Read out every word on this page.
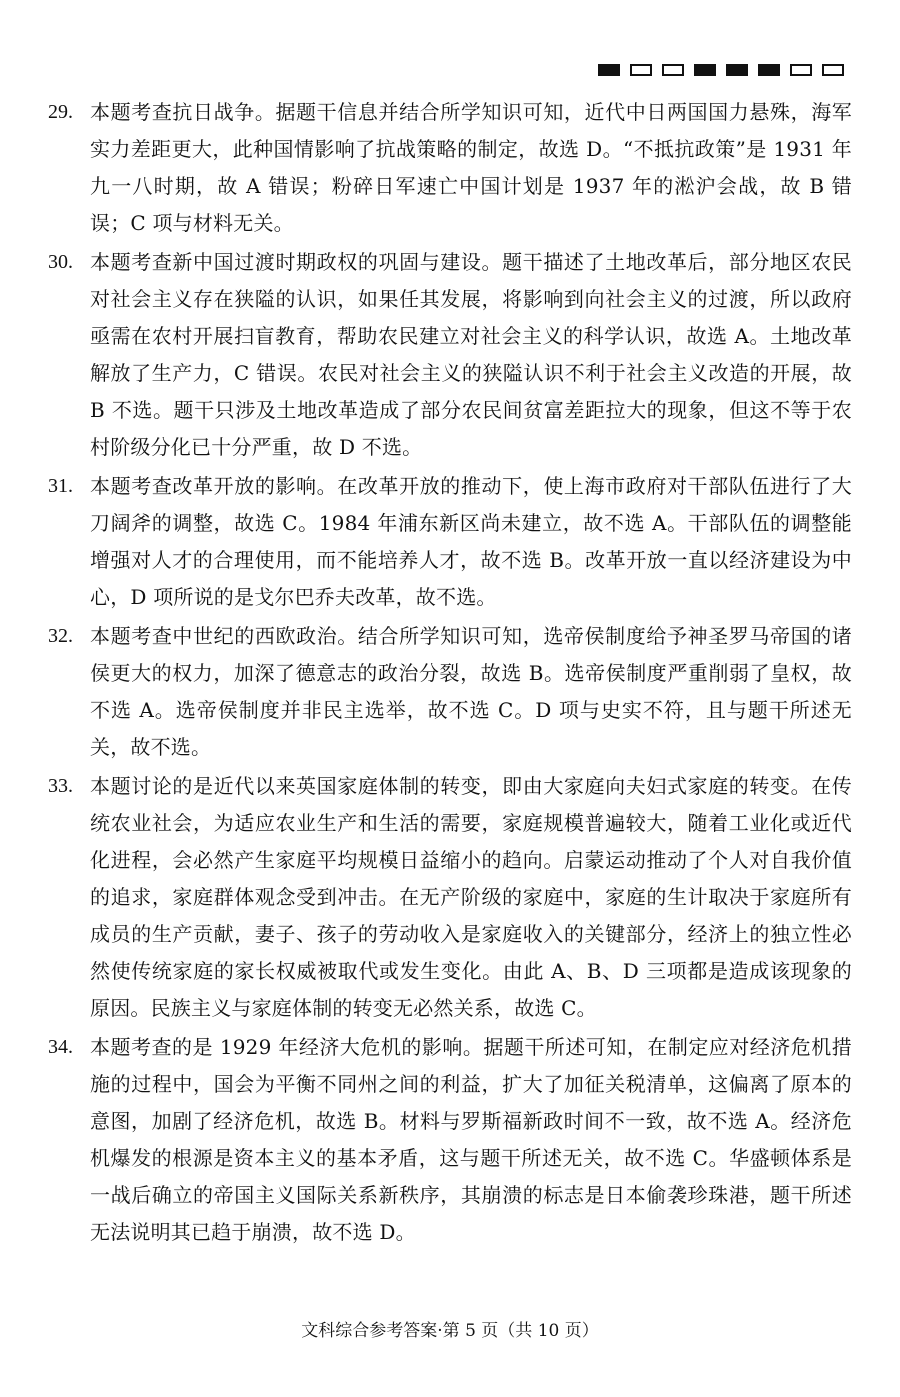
29. 本题考查抗日战争。据题干信息并结合所学知识可知，近代中日两国国力悬殊，海军实力差距更大，此种国情影响了抗战策略的制定，故选 D。“不抵抗政策”是 1931 年九一八时期，故 A 错误；粉碎日军速亡中国计划是 1937 年的淞沪会战，故 B 错误；C 项与材料无关。
30. 本题考查新中国过渡时期政权的巩固与建设。题干描述了土地改革后，部分地区农民对社会主义存在狭隘的认识，如果任其发展，将影响到向社会主义的过渡，所以政府亟需在农村开展扫盲教育，帮助农民建立对社会主义的科学认识，故选 A。土地改革解放了生产力，C 错误。农民对社会主义的狭隘认识不利于社会主义改造的开展，故 B 不选。题干只涉及土地改革造成了部分农民间贫富差距拉大的现象，但这不等于农村阶级分化已十分严重，故 D 不选。
31. 本题考查改革开放的影响。在改革开放的推动下，使上海市政府对干部队伍进行了大刀阔斧的调整，故选 C。1984 年浦东新区尚未建立，故不选 A。干部队伍的调整能增强对人才的合理使用，而不能培养人才，故不选 B。改革开放一直以经济建设为中心，D 项所说的是戈尔巴乔夫改革，故不选。
32. 本题考查中世纪的西欧政治。结合所学知识可知，选帝侯制度给予神圣罗马帝国的诸侯更大的权力，加深了德意志的政治分裂，故选 B。选帝侯制度严重削弱了皇权，故不选 A。选帝侯制度并非民主选举，故不选 C。D 项与史实不符，且与题干所述无关，故不选。
33. 本题讨论的是近代以来英国家庭体制的转变，即由大家庭向夫妇式家庭的转变。在传统农业社会，为适应农业生产和生活的需要，家庭规模普遍较大，随着工业化或近代化进程，会必然产生家庭平均规模日益缩小的趋向。启蒙运动推动了个人对自我价值的追求，家庭群体观念受到冲击。在无产阶级的家庭中，家庭的生计取决于家庭所有成员的生产贡献，妻子、孩子的劳动收入是家庭收入的关键部分，经济上的独立性必然使传统家庭的家长权威被取代或发生变化。由此 A、B、D 三项都是造成该现象的原因。民族主义与家庭体制的转变无必然关系，故选 C。
34. 本题考查的是 1929 年经济大危机的影响。据题干所述可知，在制定应对经济危机措施的过程中，国会为平衡不同州之间的利益，扩大了加征关税清单，这偏离了原本的意图，加剧了经济危机，故选 B。材料与罗斯福新政时间不一致，故不选 A。经济危机爆发的根源是资本主义的基本矛盾，这与题干所述无关，故不选 C。华盛顿体系是一战后确立的帝国主义国际关系新秩序，其崩溃的标志是日本偷袭珍珠港，题干所述无法说明其已趋于崩溃，故不选 D。
文科综合参考答案·第 5 页（共 10 页）
